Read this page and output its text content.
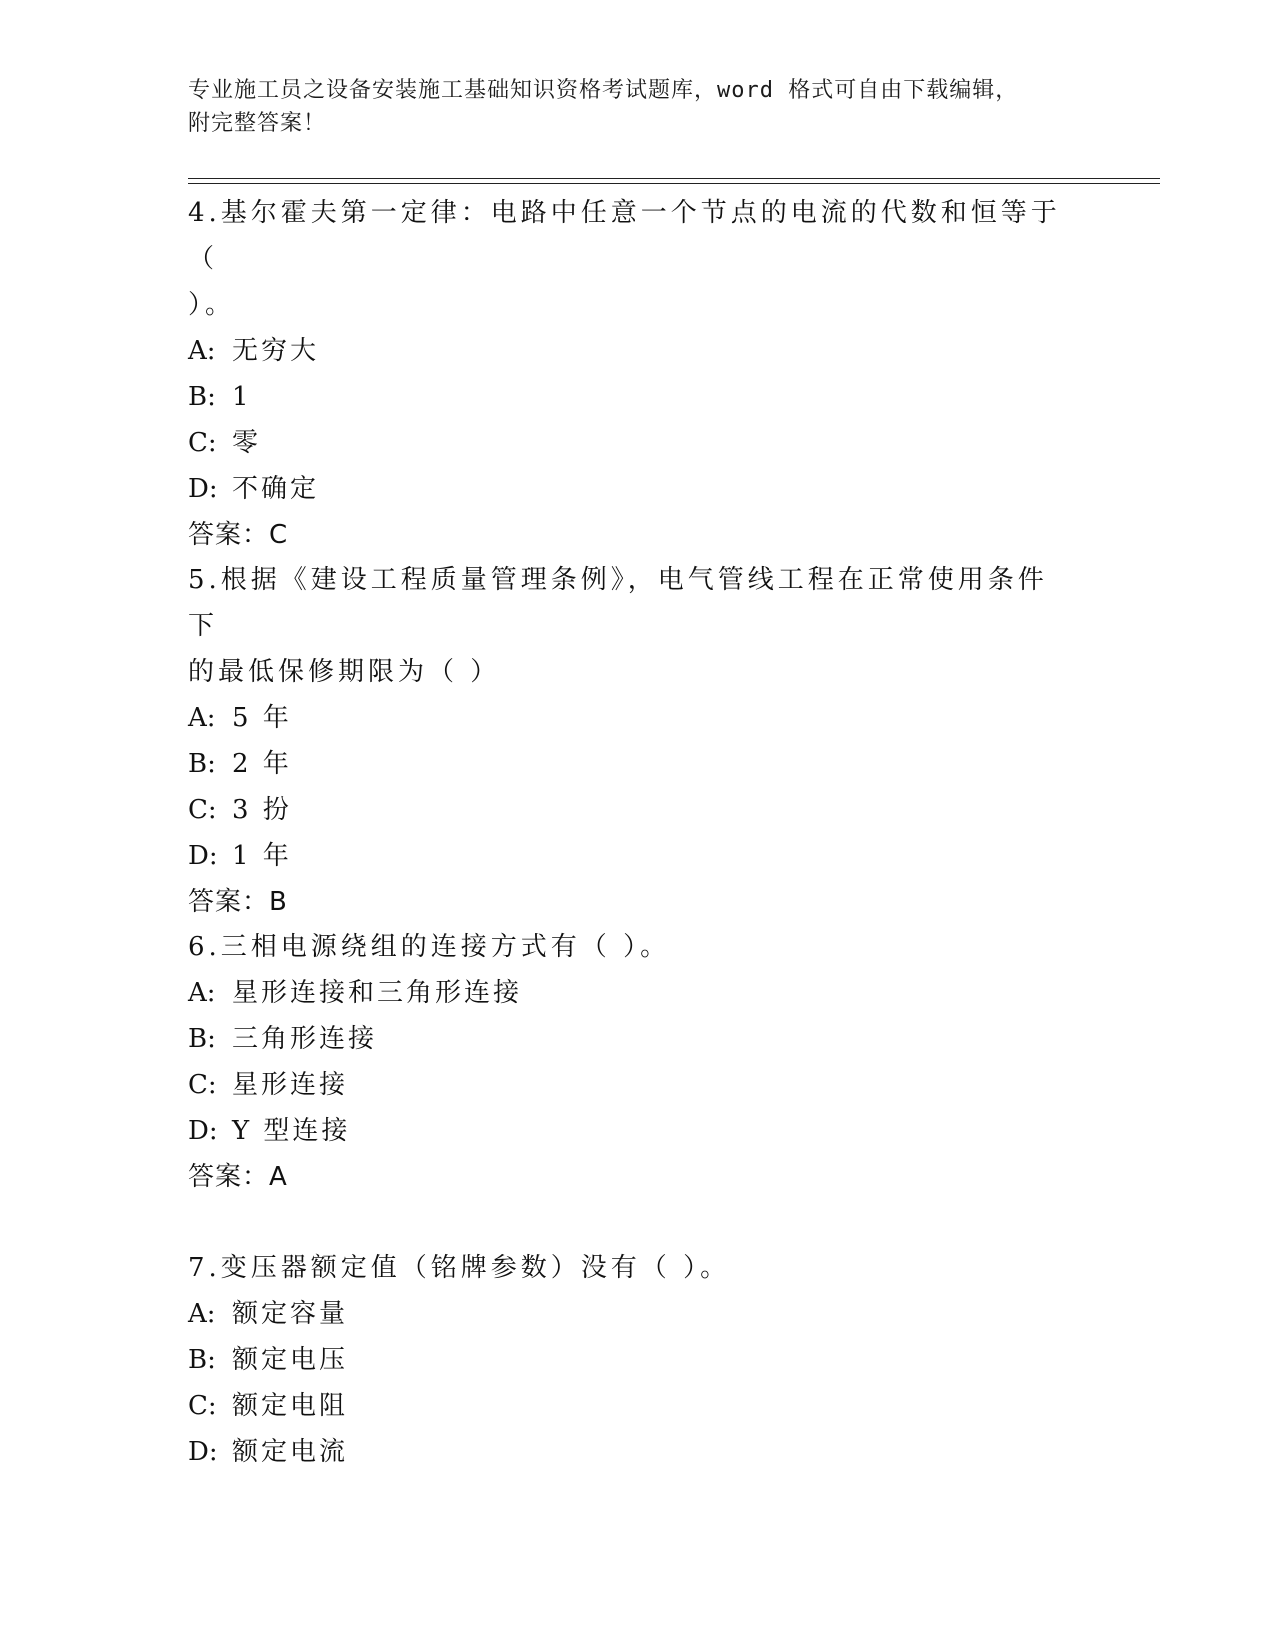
专业施工员之设备安装施工基础知识资格考试题库，word 格式可自由下载编辑，
附完整答案！

4.基尔霍夫第一定律：电路中任意一个节点的电流的代数和恒等于（

）。

A: 无穷大

B: 1

C: 零

D: 不确定

答案：C

5.根据《建设工程质量管理条例》，电气管线工程在正常使用条件下

的最低保修期限为（ ）

A: 5 年

B: 2 年

C: 3 扮

D: 1 年

答案：B

6.三相电源绕组的连接方式有（ ）。

A: 星形连接和三角形连接

B: 三角形连接

C: 星形连接

D: Y 型连接

答案：A

7.变压器额定值（铭牌参数）没有（ ）。

A: 额定容量

B: 额定电压

C: 额定电阻

D: 额定电流
